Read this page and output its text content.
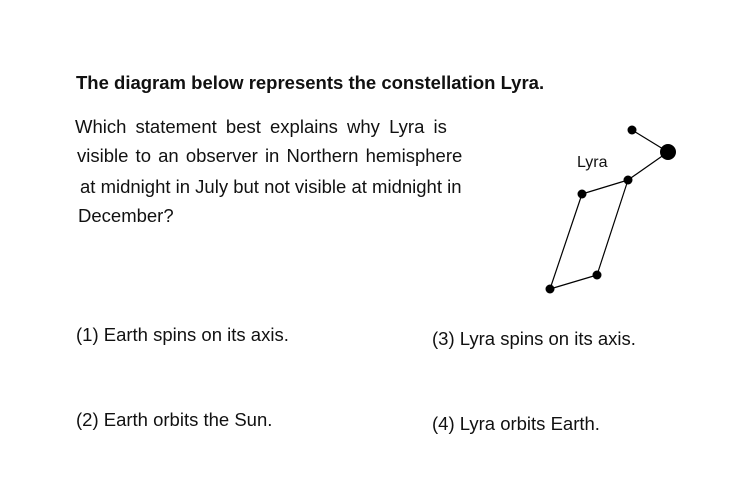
The diagram below represents the constellation Lyra.

Which statement best explains why Lyra is

visible to an observer in Northern hemisphere

at midnight in July but not visible at midnight in

December?

Lyra

(1) Earth spins on its axis.

(2) Earth orbits the Sun.

(3) Lyra spins on its axis.

(4) Lyra orbits Earth.
